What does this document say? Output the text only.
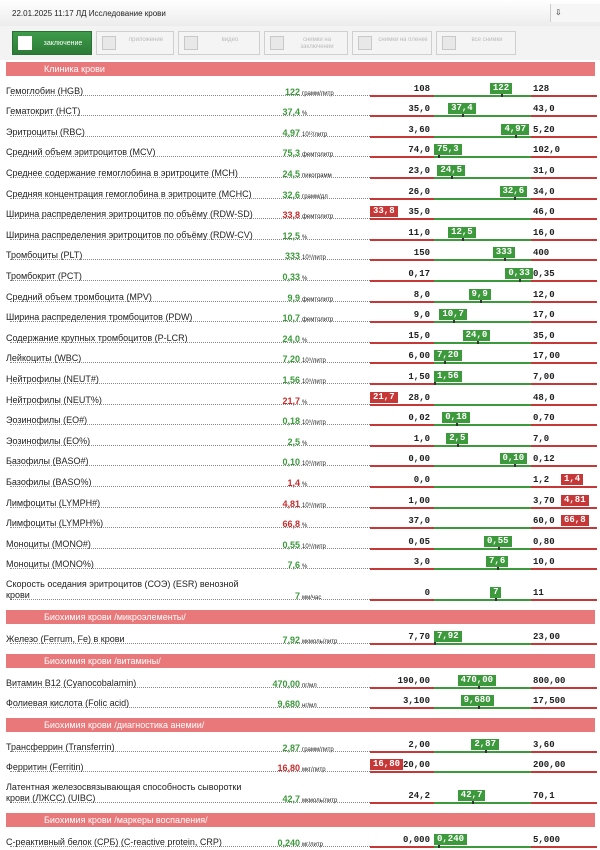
22.01.2025 11:17 ЛД Исследование крови	⇩
заключение	приложение	видео	снимки на заключении
снимки на пленке	все снимки
Клиника крови
Гемоглобин (HGB)	122 грамм/литр	108	128
122
Гематокрит (HCT)	37,4 %	35,0	43,0
37,4
Эритроциты (RBC)	4,97 10¹²/литр	3,60	5,20
4,97
Средний объем эритроцитов (MCV)	75,3 фемтолитр	74,0	102,0
75,3
Среднее содержание гемоглобина в эритроците (MCH)	24,5 пикограмм	23,0	31,0
24,5
Средняя концентрация гемоглобина в эритроците (MCHC)	32,6 грамм/дл	26,0	34,0
32,6
Ширина распределения эритроцитов по объёму (RDW-SD)	33,8 фемтолитр	35,0	46,0
33,8
Ширина распределения эритроцитов по объёму (RDW-CV)	12,5 %	11,0	16,0
12,5
Тромбоциты (PLT)	333 10⁹/литр	150	400
333
Тромбокрит (PCT)	0,33 %	0,17	0,35
0,33
Средний объем тромбоцита (MPV)	9,9 фемтолитр	8,0	12,0
9,9
Ширина распределения тромбоцитов (PDW)	10,7 фемтолитр	9,0	17,0
10,7
Содержание крупных тромбоцитов (P-LCR)	24,0 %	15,0	35,0
24,0
Лейкоциты (WBC)	7,20 10⁹/литр	6,00	17,00
7,20
Нейтрофилы (NEUT#)	1,56 10⁹/литр	1,50	7,00
1,56
Нейтрофилы (NEUT%)	21,7 %	28,0	48,0
21,7
Эозинофилы (EO#)	0,18 10⁹/литр	0,02	0,70
0,18
Эозинофилы (EO%)	2,5 %	1,0	7,0
2,5
Базофилы (BASO#)	0,10 10⁹/литр	0,00	0,12
0,10
Базофилы (BASO%)	1,4 %	0,0	1,2	1,4
Лимфоциты (LYMPH#)	4,81 10⁹/литр	1,00	3,70	4,81
Лимфоциты (LYMPH%)	66,8 %	37,0	60,0	66,8
Моноциты (MONO#)	0,55 10⁹/литр	0,05	0,80
0,55
Моноциты (MONO%)	7,6 %	3,0	10,0
7,6
Скорость оседания эритроцитов (СОЭ) (ESR) венозной крови	7 мм/час	0	11
7
Биохимия крови /микроэлементы/
Железо (Ferrum, Fe) в крови	7,92 мкмоль/литр	7,70	23,00
7,92
Биохимия крови /витамины/
Витамин B12 (Cyanocobalamin)	470,00 пг/мл	190,00	800,00
470,00
Фолиевая кислота (Folic acid)	9,680 нг/мл	3,100	17,500
9,680
Биохимия крови /диагностика анемии/
Трансферрин (Transferrin)	2,87 грамм/литр	2,00	3,60
2,87
Ферритин (Ferritin)	16,80 мкг/литр	20,00	200,00
16,80
Латентная железосвязывающая способность сыворотки крови (ЛЖСС) (UIBC)	42,7 мкмоль/литр	24,2	70,1
42,7
Биохимия крови /маркеры воспаления/
С-реактивный белок (СРБ) (C-reactive protein, CRP)	0,240 мг/литр	0,000	5,000
0,240
